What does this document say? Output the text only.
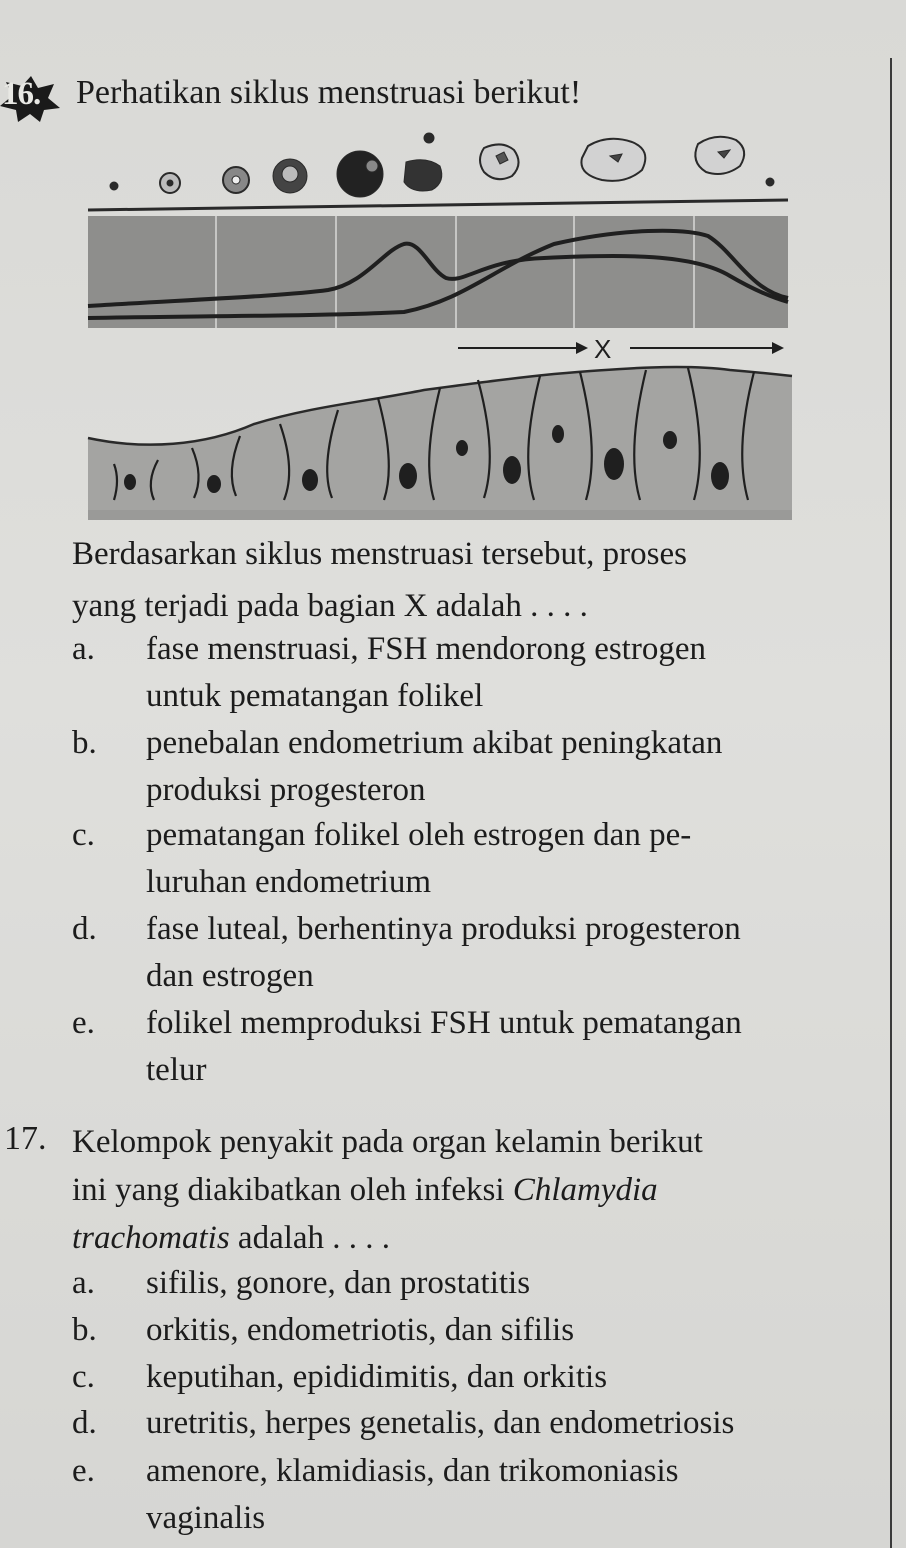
16. Perhatikan siklus menstruasi berikut!
X
Berdasarkan siklus menstruasi tersebut, proses
yang terjadi pada bagian X adalah . . . .
a.	fase menstruasi, FSH mendorong estrogen
untuk pematangan folikel
b.	penebalan endometrium akibat peningkatan
produksi progesteron
c.	pematangan folikel oleh estrogen dan pe-
luruhan endometrium
d.	fase luteal, berhentinya produksi progesteron
dan estrogen
e.	folikel memproduksi FSH untuk pematangan
telur
17. Kelompok penyakit pada organ kelamin berikut
ini yang diakibatkan oleh infeksi Chlamydia
trachomatis adalah . . . .
a.	sifilis, gonore, dan prostatitis
b.	orkitis, endometriotis, dan sifilis
c.	keputihan, epididimitis, dan orkitis
d.	uretritis, herpes genetalis, dan endometriosis
e.	amenore, klamidiasis, dan trikomoniasis
vaginalis
